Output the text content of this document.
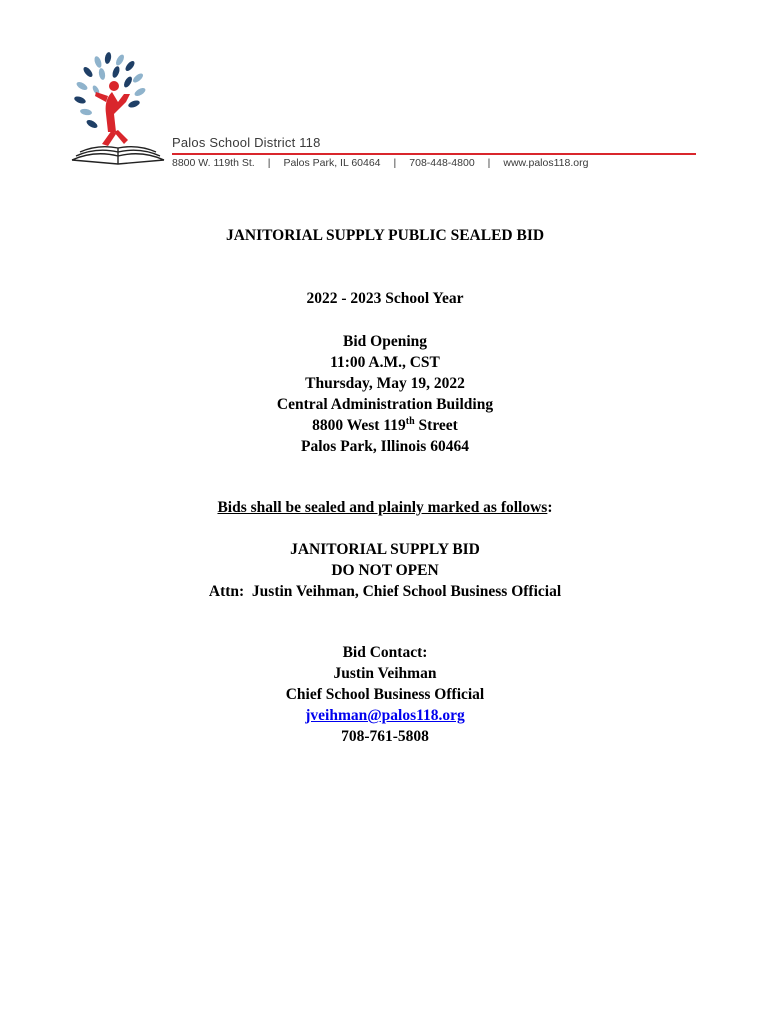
Palos School District 118
8800 W. 119th St. | Palos Park, IL 60464 | 708-448-4800 | www.palos118.org
JANITORIAL SUPPLY PUBLIC SEALED BID
2022 - 2023 School Year
Bid Opening
11:00 A.M., CST
Thursday, May 19, 2022
Central Administration Building
8800 West 119th Street
Palos Park, Illinois 60464
Bids shall be sealed and plainly marked as follows:
JANITORIAL SUPPLY BID
DO NOT OPEN
Attn:  Justin Veihman, Chief School Business Official
Bid Contact:
Justin Veihman
Chief School Business Official
jveihman@palos118.org
708-761-5808
